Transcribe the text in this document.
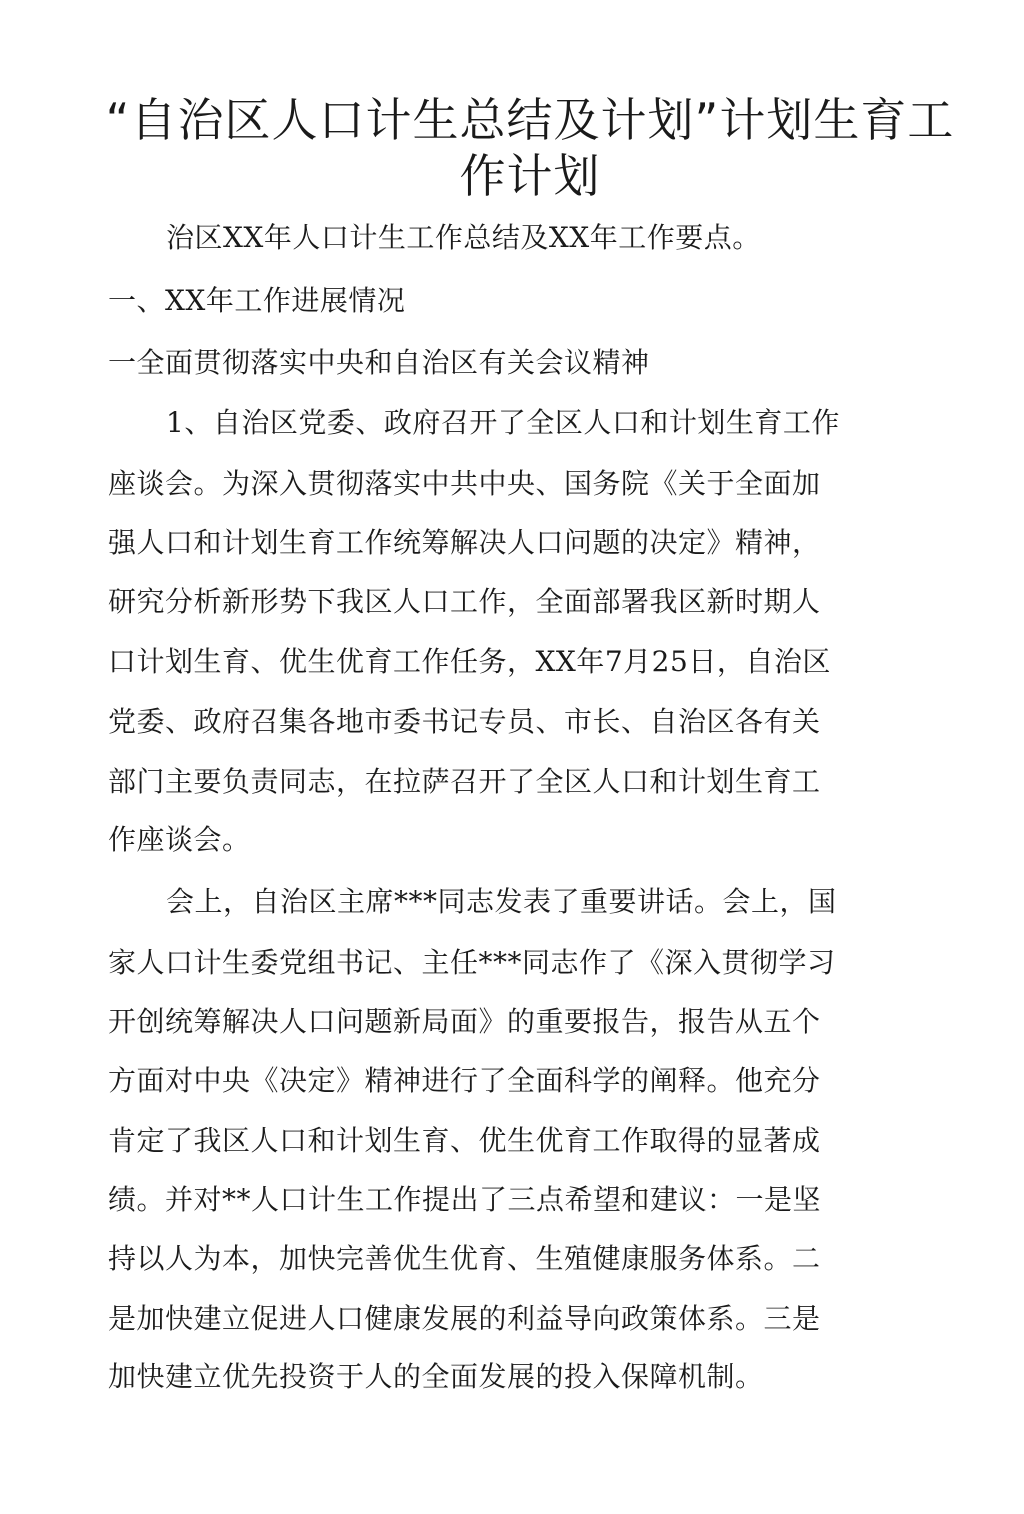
“自治区人口计生总结及计划”计划生育工作计划
治区XX年人口计生工作总结及XX年工作要点。
一、XX年工作进展情况
一全面贯彻落实中央和自治区有关会议精神
1、自治区党委、政府召开了全区人口和计划生育工作
座谈会。为深入贯彻落实中共中央、国务院《关于全面加
强人口和计划生育工作统筹解决人口问题的决定》精神，
研究分析新形势下我区人口工作，全面部署我区新时期人
口计划生育、优生优育工作任务，XX年7月25日，自治区
党委、政府召集各地市委书记专员、市长、自治区各有关
部门主要负责同志，在拉萨召开了全区人口和计划生育工
作座谈会。
会上，自治区主席***同志发表了重要讲话。会上，国
家人口计生委党组书记、主任***同志作了《深入贯彻学习
开创统筹解决人口问题新局面》的重要报告，报告从五个
方面对中央《决定》精神进行了全面科学的阐释。他充分
肯定了我区人口和计划生育、优生优育工作取得的显著成
绩。并对**人口计生工作提出了三点希望和建议：一是坚
持以人为本，加快完善优生优育、生殖健康服务体系。二
是加快建立促进人口健康发展的利益导向政策体系。三是
加快建立优先投资于人的全面发展的投入保障机制。
